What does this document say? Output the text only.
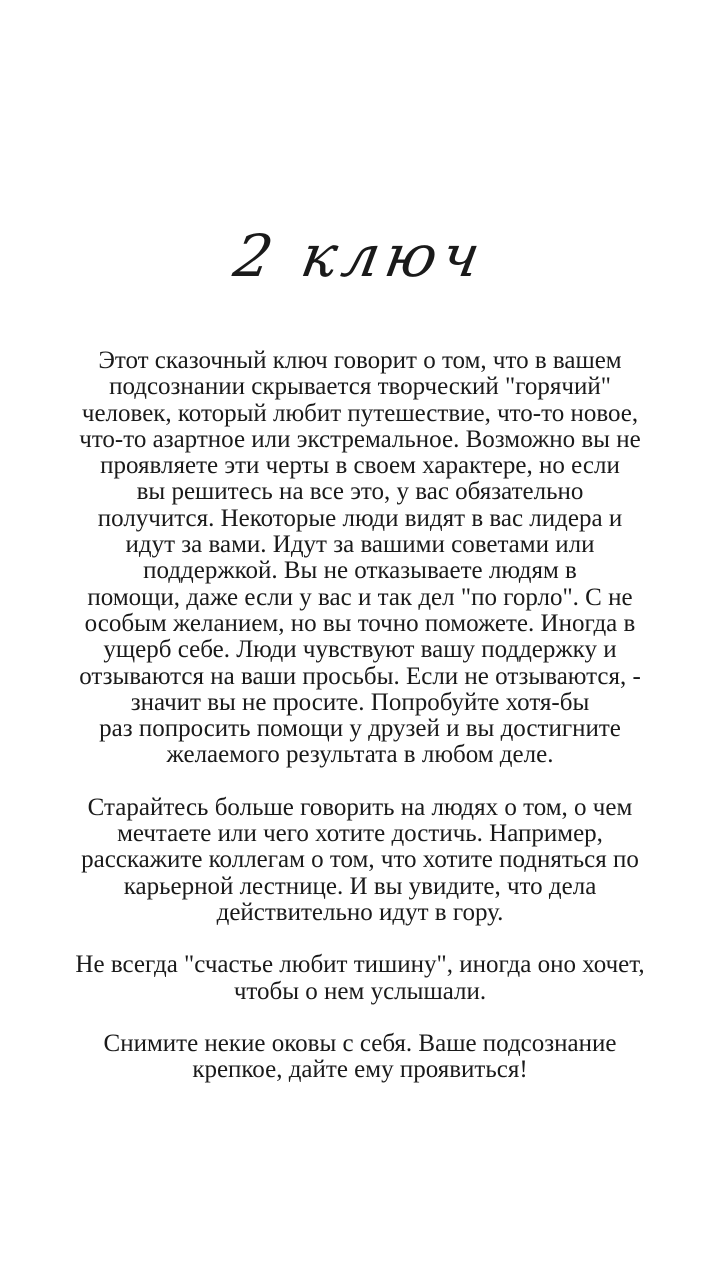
2 ключ

Этот сказочный ключ говорит о том, что в вашем
подсознании скрывается творческий "горячий"
человек, который любит путешествие, что-то новое,
что-то азартное или экстремальное. Возможно вы не
проявляете эти черты в своем характере, но если
вы решитесь на все это, у вас обязательно
получится. Некоторые люди видят в вас лидера и
идут за вами. Идут за вашими советами или
поддержкой. Вы не отказываете людям в
помощи, даже если у вас и так дел "по горло". С не
особым желанием, но вы точно поможете. Иногда в
ущерб себе. Люди чувствуют вашу поддержку и
отзываются на ваши просьбы. Если не отзываются, -
значит вы не просите. Попробуйте хотя-бы
раз попросить помощи у друзей и вы достигните
желаемого результата в любом деле.

Старайтесь больше говорить на людях о том, о чем
мечтаете или чего хотите достичь. Например,
расскажите коллегам о том, что хотите подняться по
карьерной лестнице. И вы увидите, что дела
действительно идут в гору.

Не всегда "счастье любит тишину", иногда оно хочет,
чтобы о нем услышали.

Снимите некие оковы с себя. Ваше подсознание
крепкое, дайте ему проявиться!
